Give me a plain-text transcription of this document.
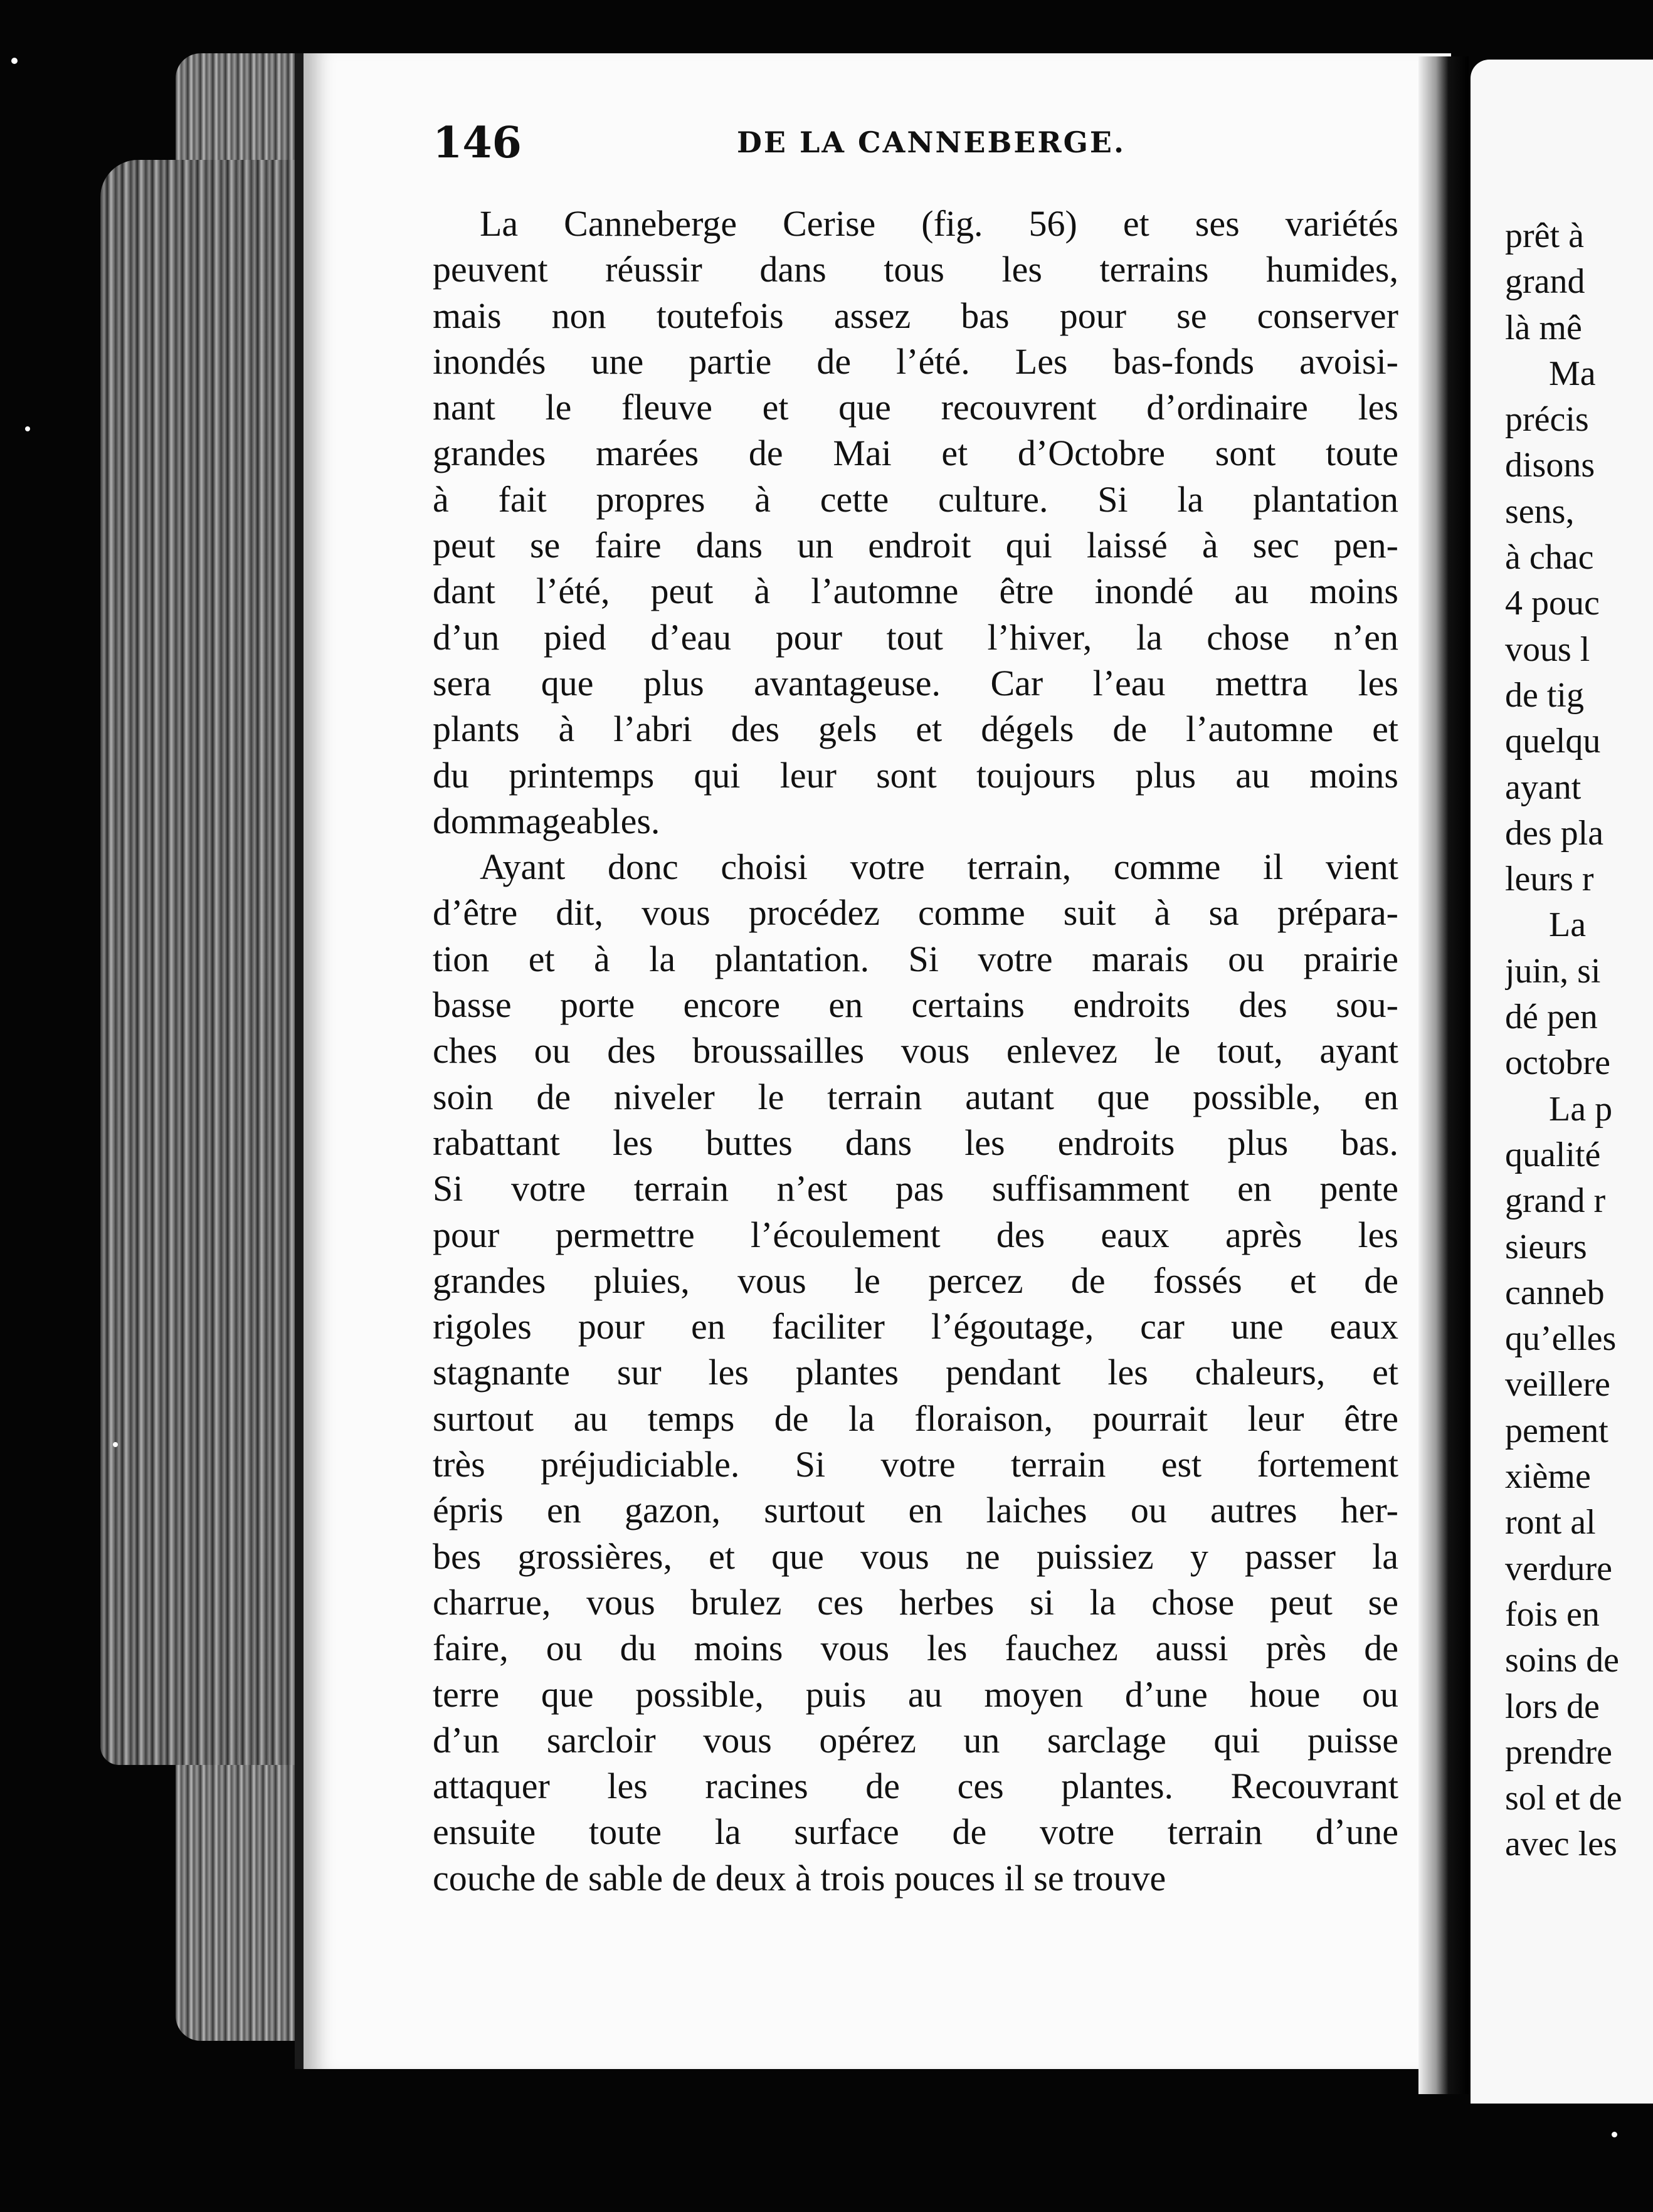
146	DE LA CANNEBERGE.
La Canneberge Cerise (fig. 56) et ses variétés
peuvent réussir dans tous les terrains humides,
mais non toutefois assez bas pour se conserver
inondés une partie de l’été. Les bas-fonds avoisi-
nant le fleuve et que recouvrent d’ordinaire les
grandes marées de Mai et d’Octobre sont toute
à fait propres à cette culture. Si la plantation
peut se faire dans un endroit qui laissé à sec pen-
dant l’été, peut à l’automne être inondé au moins
d’un pied d’eau pour tout l’hiver, la chose n’en
sera que plus avantageuse. Car l’eau mettra les
plants à l’abri des gels et dégels de l’automne et
du printemps qui leur sont toujours plus au moins
dommageables.
Ayant donc choisi votre terrain, comme il vient
d’être dit, vous procédez comme suit à sa prépara-
tion et à la plantation. Si votre marais ou prairie
basse porte encore en certains endroits des sou-
ches ou des broussailles vous enlevez le tout, ayant
soin de niveler le terrain autant que possible, en
rabattant les buttes dans les endroits plus bas.
Si votre terrain n’est pas suffisamment en pente
pour permettre l’écoulement des eaux après les
grandes pluies, vous le percez de fossés et de
rigoles pour en faciliter l’égoutage, car une eaux
stagnante sur les plantes pendant les chaleurs, et
surtout au temps de la floraison, pourrait leur être
très préjudiciable. Si votre terrain est fortement
épris en gazon, surtout en laiches ou autres her-
bes grossières, et que vous ne puissiez y passer la
charrue, vous brulez ces herbes si la chose peut se
faire, ou du moins vous les fauchez aussi près de
terre que possible, puis au moyen d’une houe ou
d’un sarcloir vous opérez un sarclage qui puisse
attaquer les racines de ces plantes. Recouvrant
ensuite toute la surface de votre terrain d’une
couche de sable de deux à trois pouces il se trouve
prêt à
grand
là mê
Ma
précis
disons
sens,
à chac
4 pouc
vous l
de tig
quelqu
ayant
des pla
leurs r
La
juin, si
dé pen
octobre
La p
qualité
grand r
sieurs
canneb
qu’elles
veillere
pement
xième
ront al
verdure
fois en
soins de
lors de
prendre
sol et de
avec les
